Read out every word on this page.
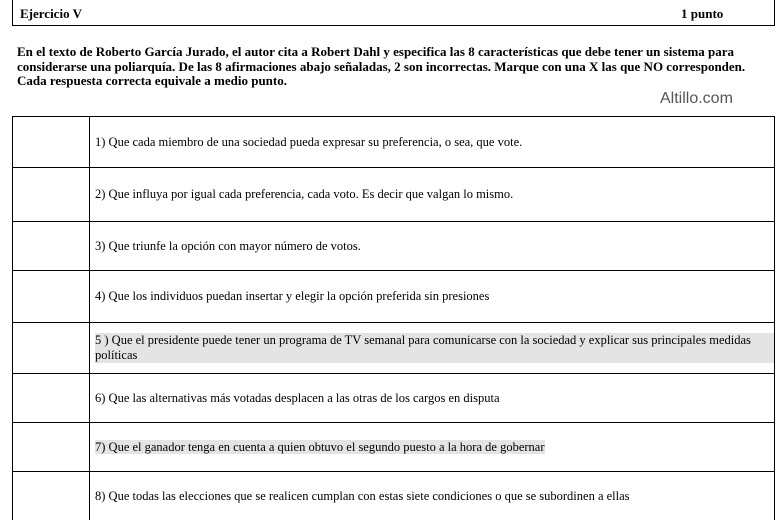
Ejercicio V	1 punto

En el texto de Roberto García Jurado, el autor cita a Robert Dahl y especifica las 8 características que debe tener un sistema para considerarse una poliarquía. De las 8 afirmaciones abajo señaladas, 2 son incorrectas. Marque con una X las que NO corresponden. Cada respuesta correcta equivale a medio punto.

Altillo.com

	1) Que cada miembro de una sociedad pueda expresar su preferencia, o sea, que vote.

	2) Que influya por igual cada preferencia, cada voto. Es decir que valgan lo mismo.

	3) Que triunfe la opción con mayor número de votos.

	4) Que los individuos puedan insertar y elegir la opción preferida sin presiones

	5 ) Que el presidente puede tener un programa de TV semanal para comunicarse con la sociedad y explicar sus principales medidas políticas

	6) Que las alternativas más votadas desplacen a las otras de los cargos en disputa

	7) Que el ganador tenga en cuenta a quien obtuvo el segundo puesto a la hora de gobernar

	8) Que todas las elecciones que se realicen cumplan con estas siete condiciones o que se subordinen a ellas
